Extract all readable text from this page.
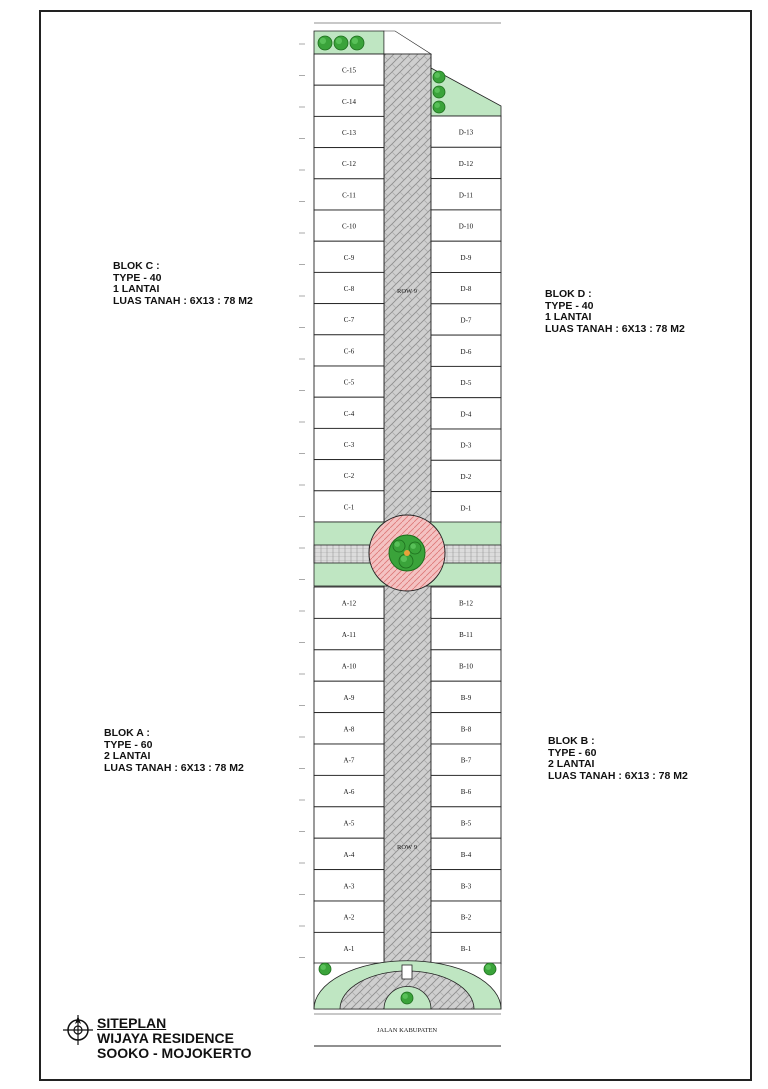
C-15
C-14
C-13
C-12
C-11
C-10
C-9
C-8
C-7
C-6
C-5
C-4
C-3
C-2
C-1
D-13
D-12
D-11
D-10
D-9
D-8
D-7
D-6
D-5
D-4
D-3
D-2
D-1
A-12
A-11
A-10
A-9
A-8
A-7
A-6
A-5
A-4
A-3
A-2
A-1
B-12
B-11
B-10
B-9
B-8
B-7
B-6
B-5
B-4
B-3
B-2
B-1
ROW 9
ROW 9
JALAN KABUPATEN
BLOK C :
TYPE - 40
1 LANTAI
LUAS TANAH : 6X13 : 78 M2
BLOK D :
TYPE - 40
1 LANTAI
LUAS TANAH : 6X13 : 78 M2
BLOK A :
TYPE - 60
2 LANTAI
LUAS TANAH : 6X13 : 78 M2
BLOK B :
TYPE - 60
2 LANTAI
LUAS TANAH : 6X13 : 78 M2
SITEPLAN
WIJAYA RESIDENCE
SOOKO - MOJOKERTO
